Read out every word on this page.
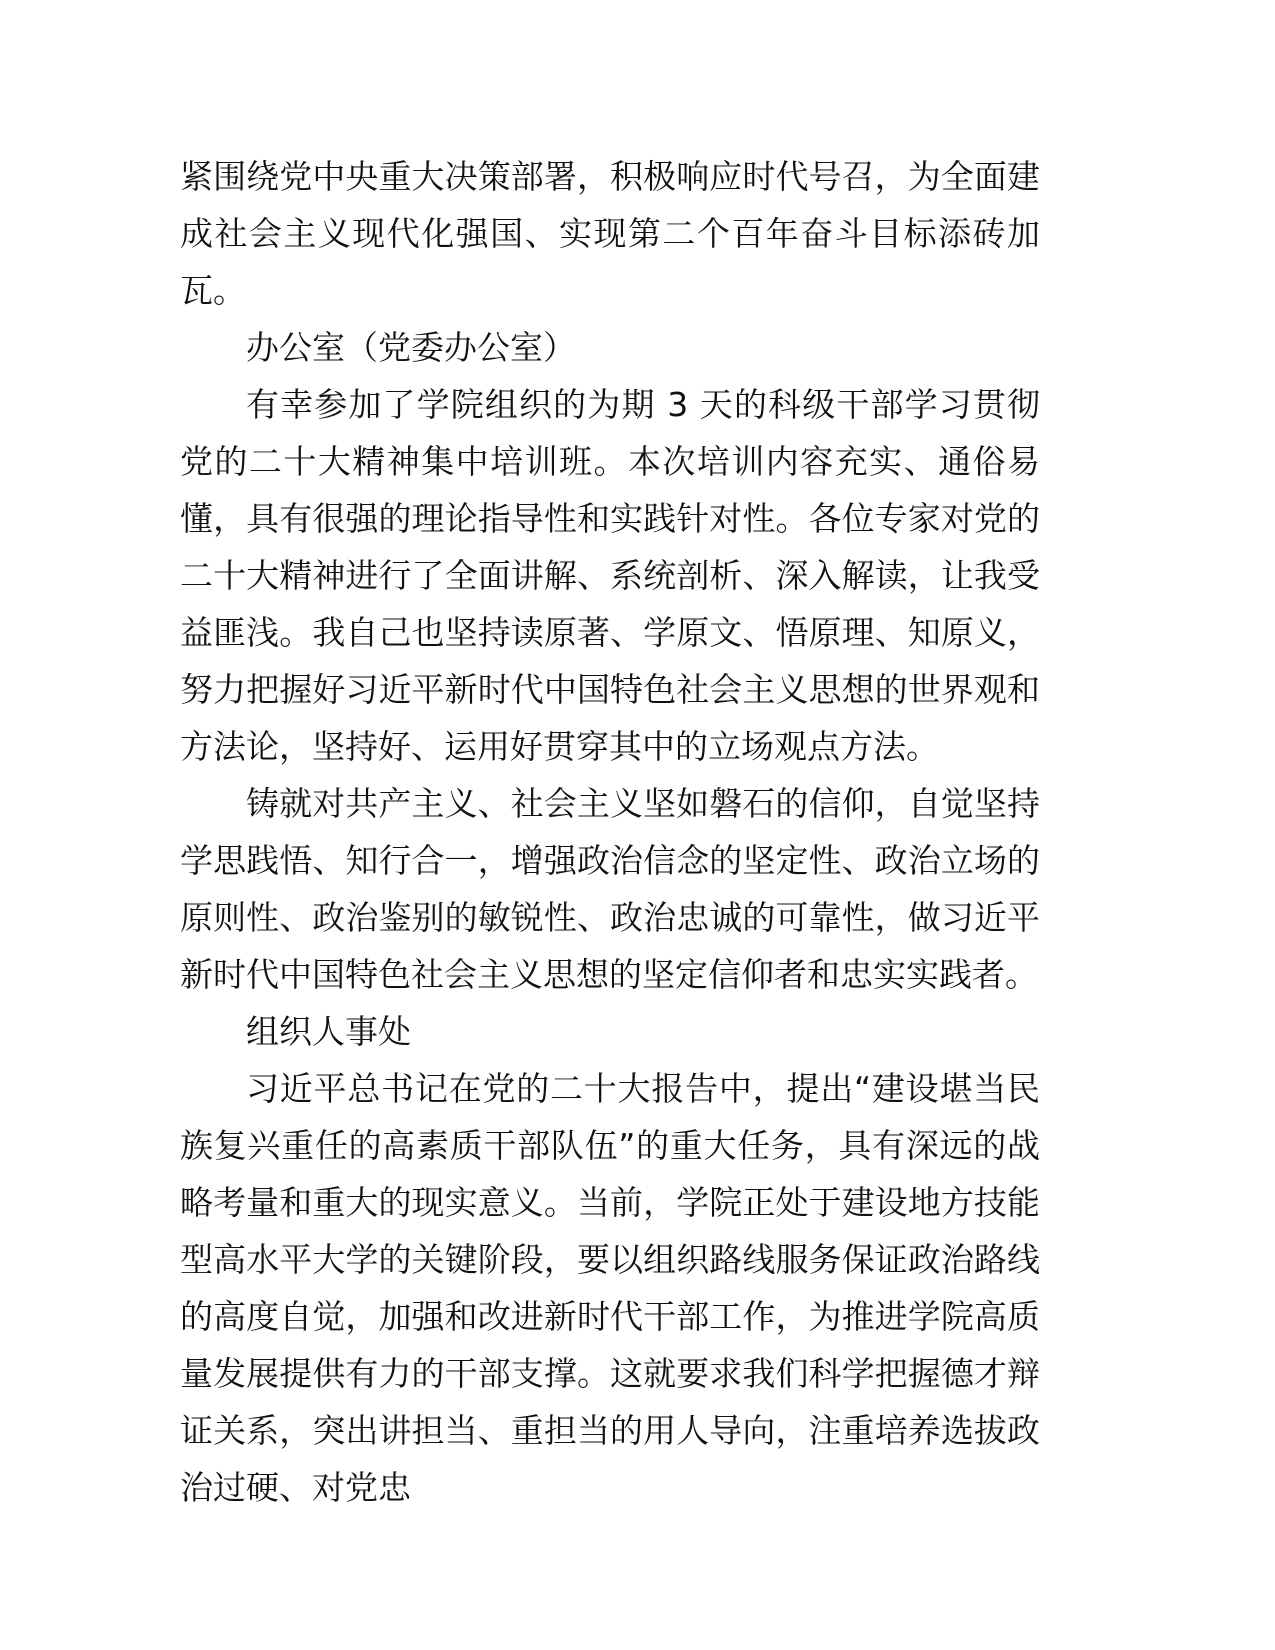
紧围绕党中央重大决策部署，积极响应时代号召，为全面建成社会主义现代化强国、实现第二个百年奋斗目标添砖加瓦。

办公室（党委办公室）

有幸参加了学院组织的为期 3 天的科级干部学习贯彻党的二十大精神集中培训班。本次培训内容充实、通俗易懂，具有很强的理论指导性和实践针对性。各位专家对党的二十大精神进行了全面讲解、系统剖析、深入解读，让我受益匪浅。我自己也坚持读原著、学原文、悟原理、知原义，努力把握好习近平新时代中国特色社会主义思想的世界观和方法论，坚持好、运用好贯穿其中的立场观点方法。

铸就对共产主义、社会主义坚如磐石的信仰，自觉坚持学思践悟、知行合一，增强政治信念的坚定性、政治立场的原则性、政治鉴别的敏锐性、政治忠诚的可靠性，做习近平新时代中国特色社会主义思想的坚定信仰者和忠实实践者。

组织人事处

习近平总书记在党的二十大报告中，提出“建设堪当民族复兴重任的高素质干部队伍”的重大任务，具有深远的战略考量和重大的现实意义。当前，学院正处于建设地方技能型高水平大学的关键阶段，要以组织路线服务保证政治路线的高度自觉，加强和改进新时代干部工作，为推进学院高质量发展提供有力的干部支撑。这就要求我们科学把握德才辩证关系，突出讲担当、重担当的用人导向，注重培养选拔政治过硬、对党忠
